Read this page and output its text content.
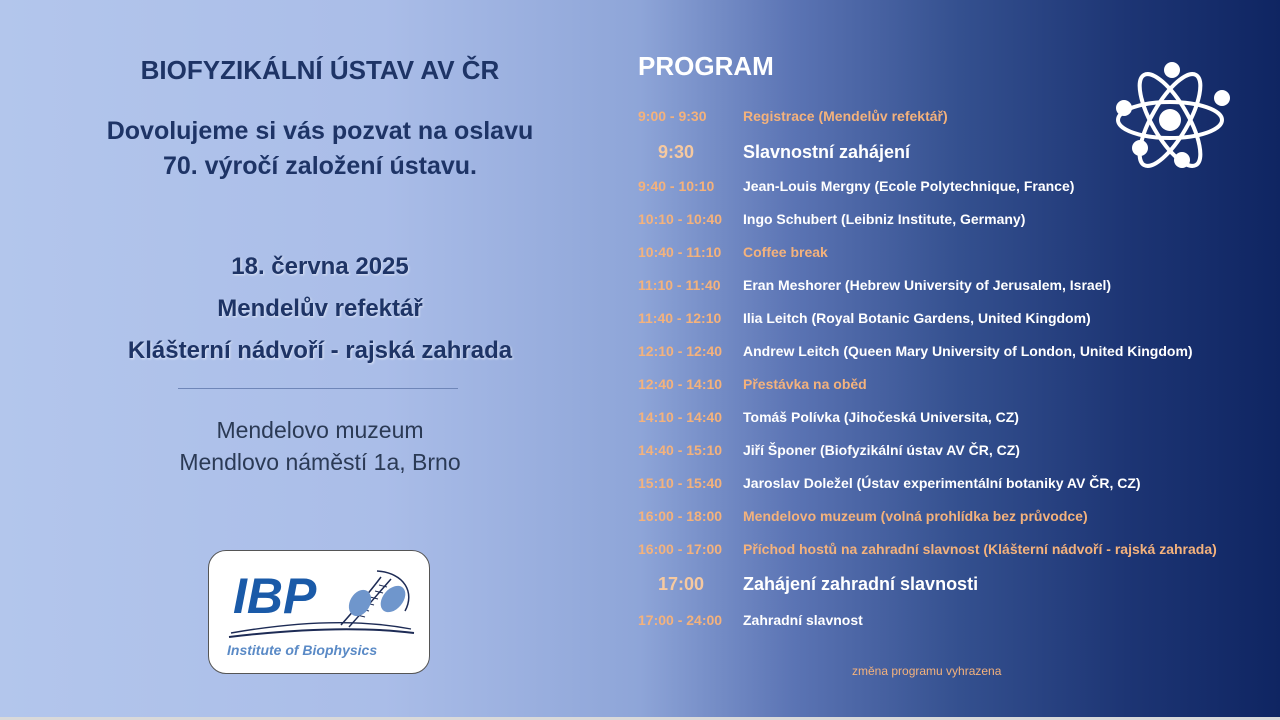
BIOFYZIKÁLNÍ ÚSTAV AV ČR
Dovolujeme si vás pozvat na oslavu
70. výročí založení ústavu.
18. června 2025
Mendelův refektář
Klášterní nádvoří - rajská zahrada
Mendelovo muzeum
Mendlovo náměstí 1a, Brno
IBP
Institute of Biophysics
PROGRAM
9:00 - 9:30	Registrace (Mendelův refektář)
9:30	Slavnostní zahájení
9:40 - 10:10 Jean-Louis Mergny (Ecole Polytechnique, France)
10:10 - 10:40 Ingo Schubert (Leibniz Institute, Germany)
10:40 - 11:10 Coffee break
11:10 - 11:40 Eran Meshorer (Hebrew University of Jerusalem, Israel)
11:40 - 12:10 Ilia Leitch (Royal Botanic Gardens, United Kingdom)
12:10 - 12:40 Andrew Leitch (Queen Mary University of London, United Kingdom)
12:40 - 14:10 Přestávka na oběd
14:10 - 14:40 Tomáš Polívka (Jihočeská Universita, CZ)
14:40 - 15:10 Jiří Šponer (Biofyzikální ústav AV ČR, CZ)
15:10 - 15:40 Jaroslav Doležel (Ústav experimentální botaniky AV ČR, CZ)
16:00 - 18:00 Mendelovo muzeum (volná prohlídka bez průvodce)
16:00 - 17:00 Příchod hostů na zahradní slavnost (Klášterní nádvoří - rajská zahrada)
17:00 Zahájení zahradní slavnosti
17:00 - 24:00 Zahradní slavnost
změna programu vyhrazena
